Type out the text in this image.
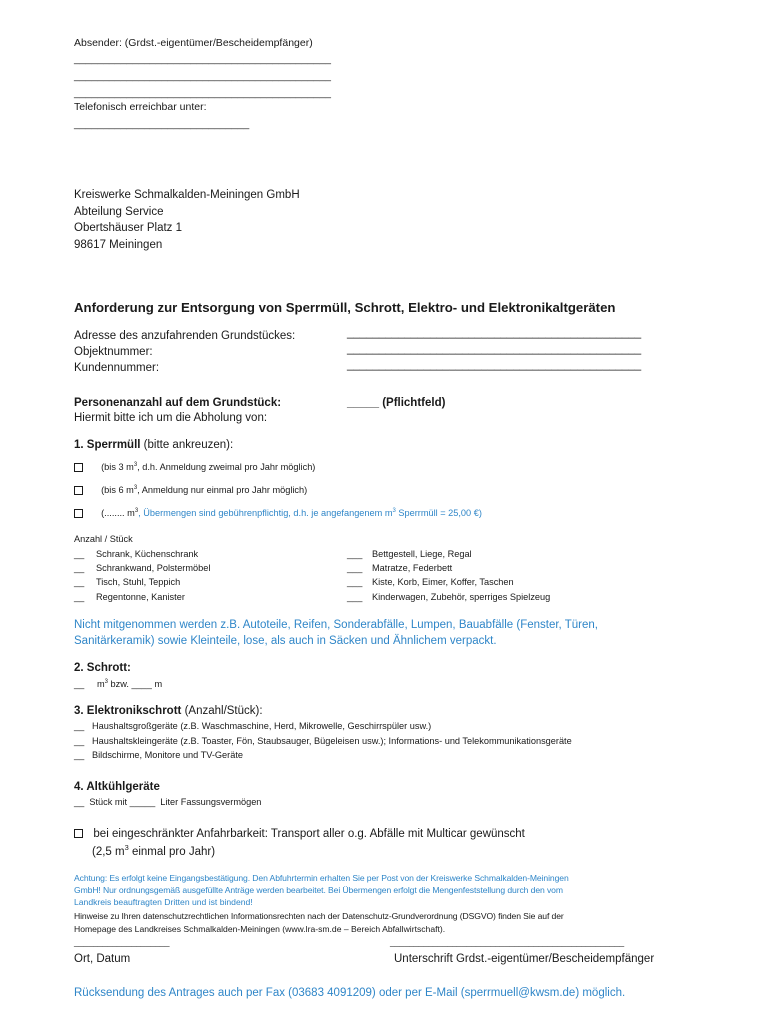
Absender: (Grdst.-eigentümer/Bescheidempfänger)
____________________________________________
____________________________________________
____________________________________________
Telefonisch erreichbar unter:
______________________________
Kreiswerke Schmalkalden-Meiningen GmbH
Abteilung Service
Obertshäuser Platz 1
98617 Meiningen
Anforderung zur Entsorgung von Sperrmüll, Schrott, Elektro- und Elektronikaltgeräten
Adresse des anzufahrenden Grundstückes:	______________________________________________
Objektnummer:	______________________________________________
Kundennummer:	______________________________________________
Personenanzahl auf dem Grundstück:	_____ (Pflichtfeld)
Hiermit bitte ich um die Abholung von:
1. Sperrmüll (bitte ankreuzen):
(bis 3 $m^3$, d.h. Anmeldung zweimal pro Jahr möglich)
(bis 6 $m^3$, Anmeldung nur einmal pro Jahr möglich)
(........ $m^3$, Übermengen sind gebührenpflichtig, d.h. je angefangenem $m^3$ Sperrmüll = 25,00 €)
Anzahl / Stück
__ Schrank, Küchenschrank
__ Schrankwand, Polstermöbel
__ Tisch, Stuhl, Teppich
__ Regentonne, Kanister
___ Bettgestell, Liege, Regal
___ Matratze, Federbett
___ Kiste, Korb, Eimer, Koffer, Taschen
___ Kinderwagen, Zubehör, sperriges Spielzeug
Nicht mitgenommen werden z.B. Autoteile, Reifen, Sonderabfälle, Lumpen, Bauabfälle (Fenster, Türen,
Sanitärkeramik) sowie Kleinteile, lose, als auch in Säcken und Ähnlichem verpackt.
2. Schrott:
__     $m^3$ bzw. ____ m
3. Elektronikschrott (Anzahl/Stück):
__ Haushaltsgroßgeräte (z.B. Waschmaschine, Herd, Mikrowelle, Geschirrspüler usw.)
__ Haushaltskleingeräte (z.B. Toaster, Fön, Staubsauger, Bügeleisen usw.); Informations- und Telekommunikationsgeräte
__ Bildschirme, Monitore und TV-Geräte
4. Altkühlgeräte
__  Stück mit _____  Liter Fassungsvermögen
bei eingeschränkter Anfahrbarkeit: Transport aller o.g. Abfälle mit Multicar gewünscht
(2,5 $m^3$ einmal pro Jahr)
Achtung: Es erfolgt keine Eingangsbestätigung. Den Abfuhrtermin erhalten Sie per Post von der Kreiswerke Schmalkalden-Meiningen
GmbH! Nur ordnungsgemäß ausgefüllte Anträge werden bearbeitet. Bei Übermengen erfolgt die Mengenfeststellung durch den vom
Landkreis beauftragten Dritten und ist bindend!
Hinweise zu Ihren datenschutzrechtlichen Informationsrechten nach der Datenschutz-Grundverordnung (DSGVO) finden Sie auf der
Homepage des Landkreises Schmalkalden-Meiningen (www.lra-sm.de – Bereich Abfallwirtschaft).
____________________	_________________________________________________
Ort, Datum	Unterschrift Grdst.-eigentümer/Bescheidempfänger
Rücksendung des Antrages auch per Fax (03683 4091209) oder per E-Mail (sperrmuell@kwsm.de) möglich.
